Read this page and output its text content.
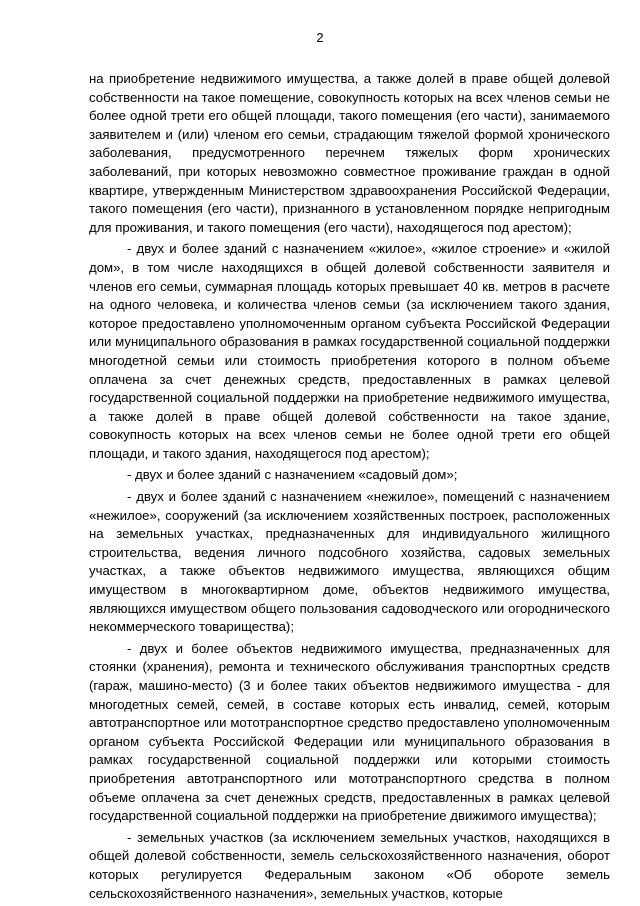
2

на приобретение недвижимого имущества, а также долей в праве общей долевой собственности на такое помещение, совокупность которых на всех членов семьи не более одной трети его общей площади, такого помещения (его части), занимаемого заявителем и (или) членом его семьи, страдающим тяжелой формой хронического заболевания, предусмотренного перечнем тяжелых форм хронических заболеваний, при которых невозможно совместное проживание граждан в одной квартире, утвержденным Министерством здравоохранения Российской Федерации, такого помещения (его части), признанного в установленном порядке непригодным для проживания, и такого помещения (его части), находящегося под арестом);

- двух и более зданий с назначением «жилое», «жилое строение» и «жилой дом», в том числе находящихся в общей долевой собственности заявителя и членов его семьи, суммарная площадь которых превышает 40 кв. метров в расчете на одного человека, и количества членов семьи (за исключением такого здания, которое предоставлено уполномоченным органом субъекта Российской Федерации или муниципального образования в рамках государственной социальной поддержки многодетной семьи или стоимость приобретения которого в полном объеме оплачена за счет денежных средств, предоставленных в рамках целевой государственной социальной поддержки на приобретение недвижимого имущества, а также долей в праве общей долевой собственности на такое здание, совокупность которых на всех членов семьи не более одной трети его общей площади, и такого здания, находящегося под арестом);

- двух и более зданий с назначением «садовый дом»;

- двух и более зданий с назначением «нежилое», помещений с назначением «нежилое», сооружений (за исключением хозяйственных построек, расположенных на земельных участках, предназначенных для индивидуального жилищного строительства, ведения личного подсобного хозяйства, садовых земельных участках, а также объектов недвижимого имущества, являющихся общим имуществом в многоквартирном доме, объектов недвижимого имущества, являющихся имуществом общего пользования садоводческого или огороднического некоммерческого товарищества);

- двух и более объектов недвижимого имущества, предназначенных для стоянки (хранения), ремонта и технического обслуживания транспортных средств (гараж, машино-место) (3 и более таких объектов недвижимого имущества - для многодетных семей, семей, в составе которых есть инвалид, семей, которым автотранспортное или мототранспортное средство предоставлено уполномоченным органом субъекта Российской Федерации или муниципального образования в рамках государственной социальной поддержки или которыми стоимость приобретения автотранспортного или мототранспортного средства в полном объеме оплачена за счет денежных средств, предоставленных в рамках целевой государственной социальной поддержки на приобретение движимого имущества);

- земельных участков (за исключением земельных участков, находящихся в общей долевой собственности, земель сельскохозяйственного назначения, оборот которых регулируется Федеральным законом «Об обороте земель сельскохозяйственного назначения», земельных участков, которые
